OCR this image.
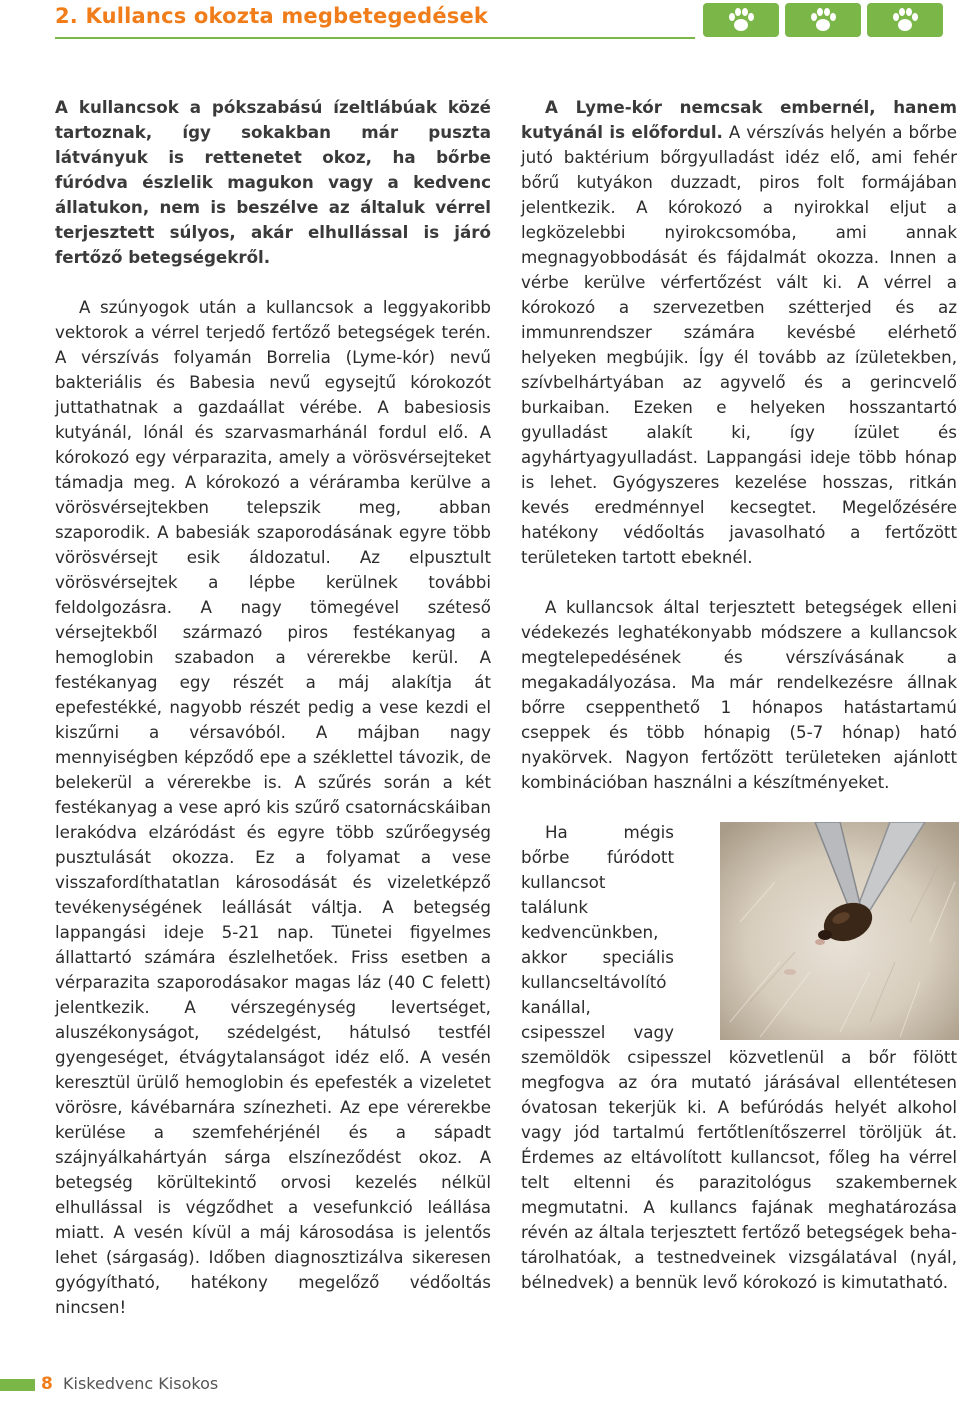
2. Kullancs okozta megbetegedések

A kullancsok a pókszabású ízeltlábúak közé tartoznak, így sokakban már puszta látványuk is rettenetet okoz, ha bőrbe fúródva észlelik magukon vagy a kedvenc állatukon, nem is beszélve az általuk vérrel terjesztett súlyos, akár elhullással is járó fertőző betegségekről.

A szúnyogok után a kullancsok a leggyakoribb vektorok a vérrel terjedő fertőző betegségek terén. A vérszívás folyamán Borrelia (Lyme-kór) nevű bakteriális és Babesia nevű egysejtű kórokozót juttathatnak a gazdaállat vérébe. A babesiosis kutyánál, lónál és szarvasmarhánál fordul elő. A kórokozó egy vérparazita, amely a vörösvérsejteket támadja meg. A kórokozó a véráramba kerülve a vörösvérsejtekben telepszik meg, abban szaporodik. A babesiák szaporodásának egyre több vörösvérsejt esik áldozatul. Az elpusztult vörösvérsejtek a lépbe kerülnek további feldolgozásra. A nagy tömegével széteső vérsejtekből származó piros festékanyag a hemoglobin szabadon a vérerekbe kerül. A festékanyag egy részét a máj alakítja át epefestékké, nagyobb részét pedig a vese kezdi el kiszűrni a vérsavóból. A májban nagy mennyiségben képződő epe a széklettel távozik, de belekerül a vérerekbe is. A szűrés során a két festékanyag a vese apró kis szűrő csatornácskáiban lerakódva elzáródást és egyre több szűrőegység pusztulását okozza. Ez a folyamat a vese visszafordíthatatlan károsodását és vizeletképző tevékenységének leállását váltja. A betegség lappangási ideje 5-21 nap. Tünetei figyelmes állattartó számára észlelhetőek. Friss esetben a vérparazita szaporodásakor magas láz (40 C felett) jelentkezik. A vérszegénység levertséget, aluszékonyságot, szédelgést, hátulsó testfél gyengeséget, étvágytalanságot idéz elő. A vesén keresztül ürülő hemoglobin és epefesték a vizeletet vörösre, kávébarnára színezheti. Az epe vérerekbe kerülése a szemfehérjénél és a sápadt szájnyálkahártyán sárga elszíneződést okoz. A betegség körültekintő orvosi kezelés nélkül elhullással is végződhet a vesefunkció leállása miatt. A vesén kívül a máj károsodása is jelentős lehet (sárgaság). Időben diagnosztizálva sikeresen gyógyítható, hatékony megelőző védőoltás nincsen!

A Lyme-kór nemcsak embernél, hanem kutyánál is előfordul. A vérszívás helyén a bőrbe jutó baktérium bőrgyulladást idéz elő, ami fehér bőrű kutyákon duzzadt, piros folt formájában jelentkezik. A kórokozó a nyirokkal eljut a legközelebbi nyirokcsomóba, ami annak megnagyobbodását és fájdalmát okozza. Innen a vérbe kerülve vérfertőzést vált ki. A vérrel a kórokozó a szervezetben szétterjed és az immunrendszer számára kevésbé elérhető helyeken megbújik. Így él tovább az ízületekben, szívbelhártyában az agyvelő és a gerincvelő burkaiban. Ezeken e helyeken hosszantartó gyulladást alakít ki, így ízület és agyhártyagyulladást. Lappangási ideje több hónap is lehet. Gyógyszeres kezelése hosszas, ritkán kevés eredménnyel kecsegtet. Megelőzésére hatékony védőoltás javasolható a fertőzött területeken tartott ebeknél.

A kullancsok által terjesztett betegségek elleni védekezés leghatékonyabb módszere a kullancsok megtelepedésének és vérszívásának a megakadályozása. Ma már rendelkezésre állnak bőrre cseppenthető 1 hónapos hatástartamú cseppek és több hónapig (5-7 hónap) ható nyakörvek. Nagyon fertőzött területeken ajánlott kombinációban használni a készítményeket.

Ha mégis bőrbe fúródott kullancsot találunk kedvencünkben, akkor speciális kullancseltávolító kanállal, csipesszel vagy szemöldök csipesszel közvetlenül a bőr fölött megfogva az óra mutató járásával ellentétesen óvatosan tekerjük ki. A befúródás helyét alkohol vagy jód tartalmú fertőtlenítőszerrel töröljük át. Érdemes az eltávolított kullancsot, főleg ha vérrel telt eltenni és parazitológus szakembernek megmutatni. A kullancs fajának meghatározása révén az általa terjesztett fertőző betegségek behatárolhatóak, a testnedveinek vizsgálatával (nyál, bélnedvek) a bennük levő kórokozó is kimutatható.

8 Kiskedvenc Kisokos
